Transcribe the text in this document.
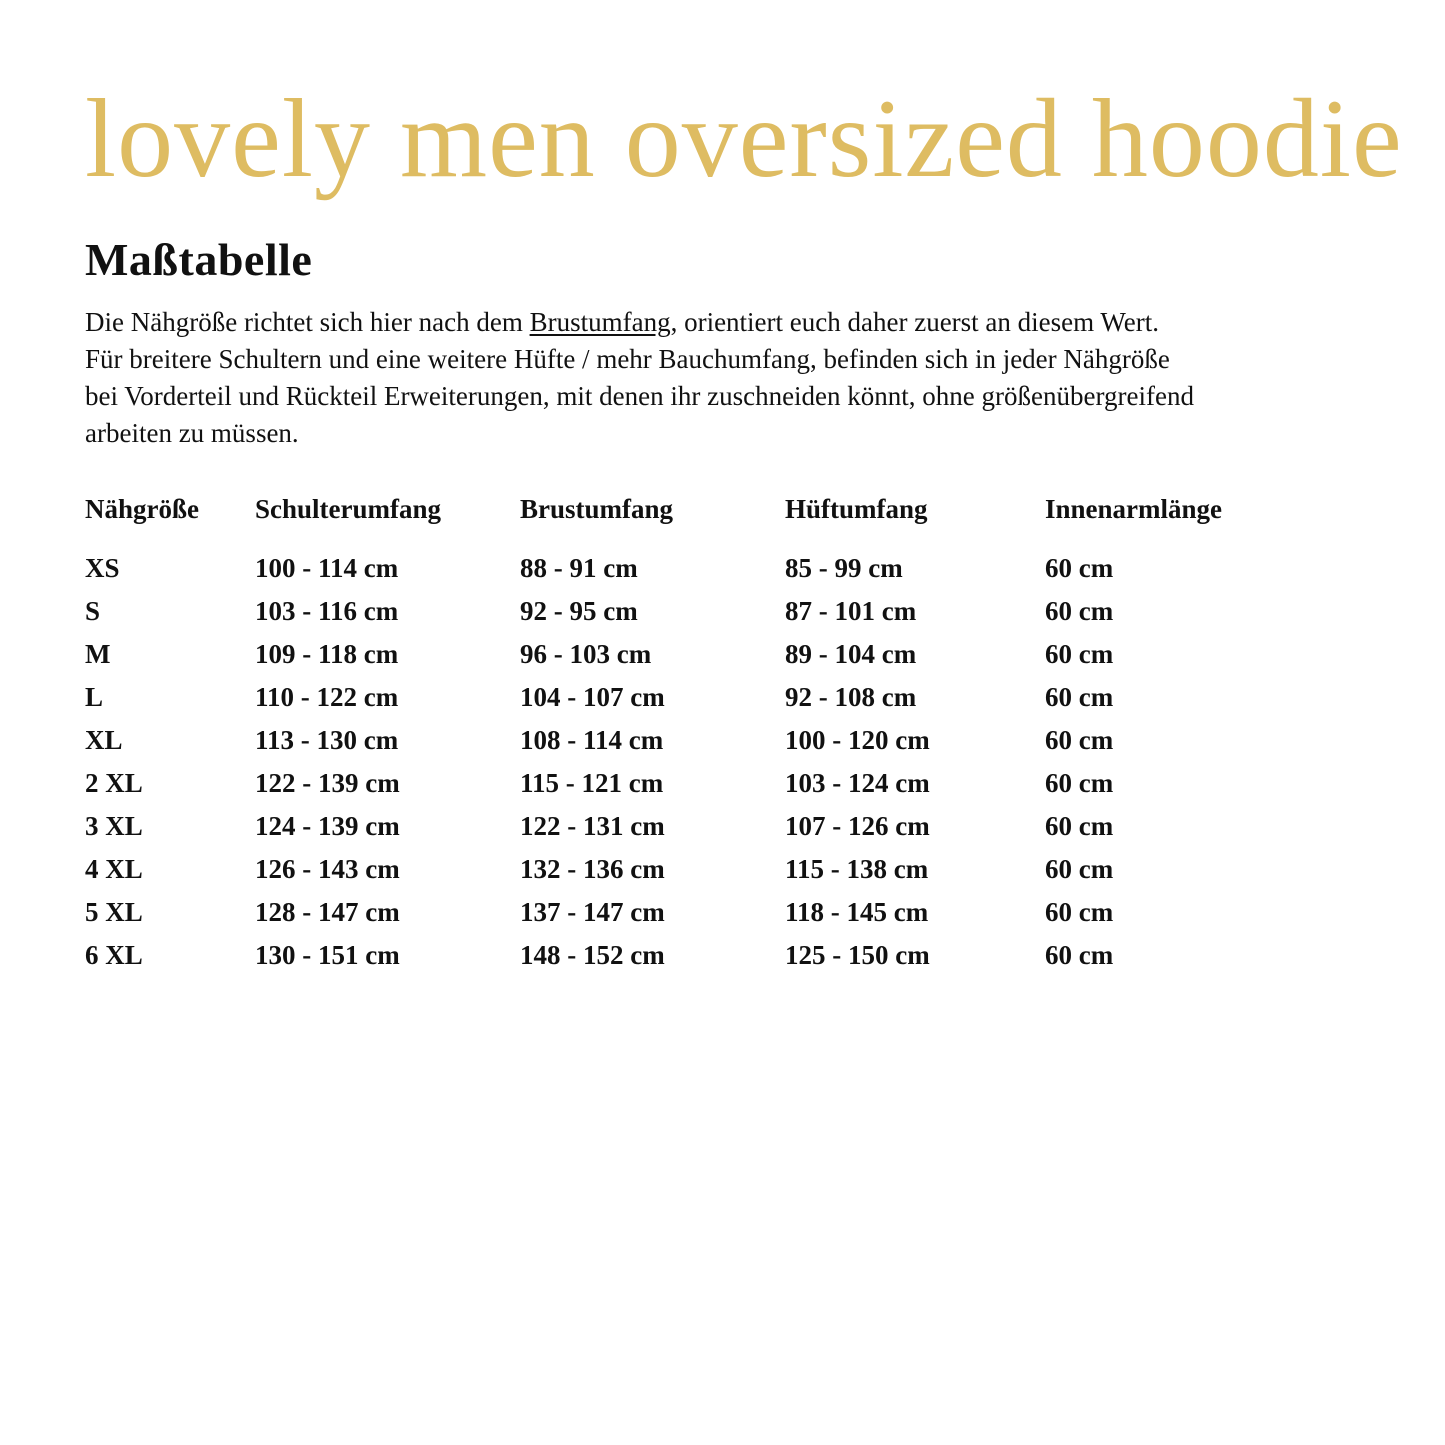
lovely men oversized hoodie
Maßtabelle
Die Nähgröße richtet sich hier nach dem Brustumfang, orientiert euch daher zuerst an diesem Wert.
Für breitere Schultern und eine weitere Hüfte / mehr Bauchumfang, befinden sich in jeder Nähgröße
bei Vorderteil und Rückteil Erweiterungen, mit denen ihr zuschneiden könnt, ohne größenübergreifend
arbeiten zu müssen.
Nähgröße	Schulterumfang	Brustumfang	Hüftumfang	Innenarmlänge
XS	100 - 114 cm	88 - 91 cm	85 - 99 cm	60 cm
S	103 - 116 cm	92 - 95 cm	87 - 101 cm	60 cm
M	109 - 118 cm	96 - 103 cm	89 - 104 cm	60 cm
L	110 - 122 cm	104 - 107 cm	92 - 108 cm	60 cm
XL	113 - 130 cm	108 - 114 cm	100 - 120 cm	60 cm
2 XL	122 - 139 cm	115 - 121 cm	103 - 124 cm	60 cm
3 XL	124 - 139 cm	122 - 131 cm	107 - 126 cm	60 cm
4 XL	126 - 143 cm	132 - 136 cm	115 - 138 cm	60 cm
5 XL	128 - 147 cm	137 - 147 cm	118 - 145 cm	60 cm
6 XL	130 - 151 cm	148 - 152 cm	125 - 150 cm	60 cm
